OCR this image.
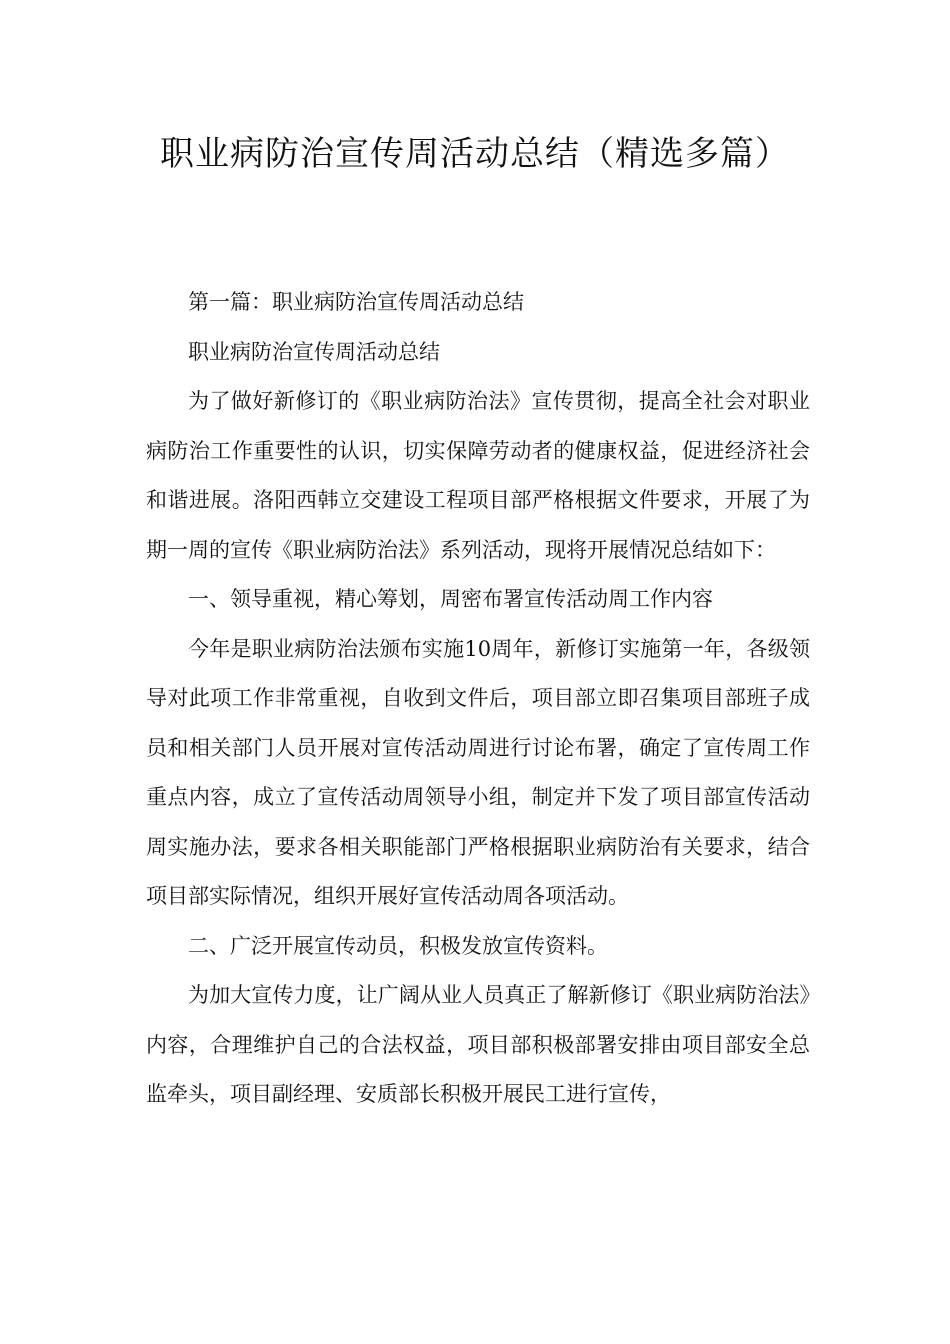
职业病防治宣传周活动总结（精选多篇）

第一篇：职业病防治宣传周活动总结

职业病防治宣传周活动总结

为了做好新修订的《职业病防治法》宣传贯彻，提高全社会对职业病防治工作重要性的认识，切实保障劳动者的健康权益，促进经济社会和谐进展。洛阳西韩立交建设工程项目部严格根据文件要求，开展了为期一周的宣传《职业病防治法》系列活动，现将开展情况总结如下：

一、领导重视，精心筹划，周密布署宣传活动周工作内容

今年是职业病防治法颁布实施10周年，新修订实施第一年，各级领导对此项工作非常重视，自收到文件后，项目部立即召集项目部班子成员和相关部门人员开展对宣传活动周进行讨论布署，确定了宣传周工作重点内容，成立了宣传活动周领导小组，制定并下发了项目部宣传活动周实施办法，要求各相关职能部门严格根据职业病防治有关要求，结合项目部实际情况，组织开展好宣传活动周各项活动。

二、广泛开展宣传动员，积极发放宣传资料。

为加大宣传力度，让广阔从业人员真正了解新修订《职业病防治法》内容，合理维护自己的合法权益，项目部积极部署安排由项目部安全总监牵头，项目副经理、安质部长积极开展民工进行宣传，
